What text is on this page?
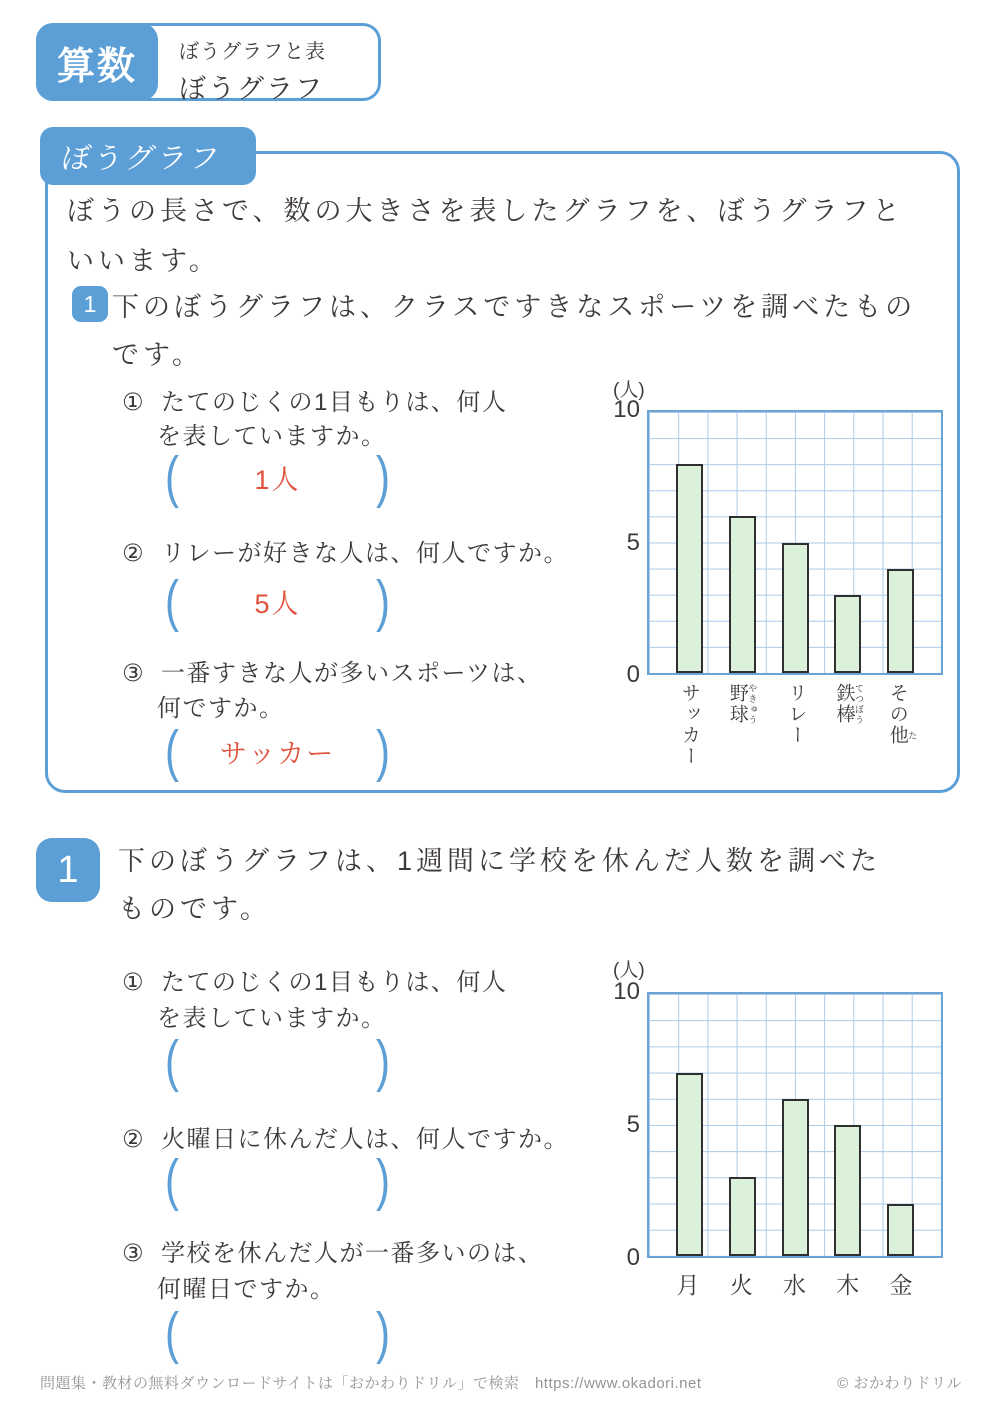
算数	ぼうグラフと表
ぼうグラフ
ぼうグラフ

ぼうの長さで、数の大きさを表したグラフを、ぼうグラフと

いいます。

1 下のぼうグラフは、クラスですきなスポーツを調べたもの

です。

① たてのじくの1目もりは、何人
を表していますか。
(	1人	)
② リレーが好きな人は、何人ですか。
(	5人	)
③ 一番すきな人が多いスポーツは、
何ですか。
(	サッカー )
(人)
0
5
10
サッカー 野球 やきゅう リレー 鉄棒 てつぼう その他 た
1	下のぼうグラフは、1週間に学校を休んだ人数を調べた

ものです。

① たてのじくの1目もりは、何人
を表していますか。
(	)
② 火曜日に休んだ人は、何人ですか。
(	)
③ 学校を休んだ人が一番多いのは、
何曜日ですか。
(	)
(人)
0
5
10
月 火 水 木 金

問題集・教材の無料ダウンロードサイトは「おかわりドリル」で検索　https://www.okadori.net	© おかわりドリル
